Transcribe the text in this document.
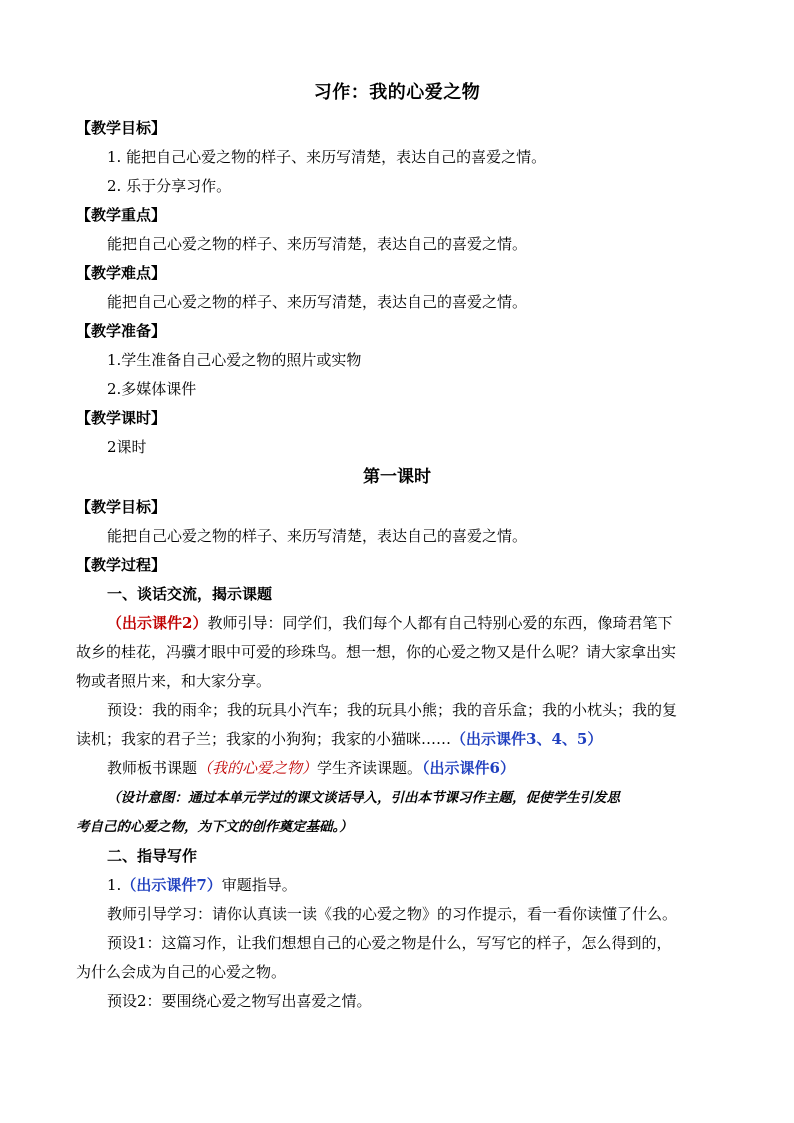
习作：我的心爱之物
【教学目标】
1. 能把自己心爱之物的样子、来历写清楚，表达自己的喜爱之情。
2. 乐于分享习作。
【教学重点】
能把自己心爱之物的样子、来历写清楚，表达自己的喜爱之情。
【教学难点】
能把自己心爱之物的样子、来历写清楚，表达自己的喜爱之情。
【教学准备】
1.学生准备自己心爱之物的照片或实物
2.多媒体课件
【教学课时】
2课时
第一课时
【教学目标】
能把自己心爱之物的样子、来历写清楚，表达自己的喜爱之情。
【教学过程】
一、谈话交流，揭示课题
（出示课件2）教师引导：同学们，我们每个人都有自己特别心爱的东西，像琦君笔下
故乡的桂花，冯骥才眼中可爱的珍珠鸟。想一想，你的心爱之物又是什么呢？请大家拿出实
物或者照片来，和大家分享。
预设：我的雨伞；我的玩具小汽车；我的玩具小熊；我的音乐盒；我的小枕头；我的复
读机；我家的君子兰；我家的小狗狗；我家的小猫咪……（出示课件3、4、5）
教师板书课题（我的心爱之物）学生齐读课题。（出示课件6）
（设计意图：通过本单元学过的课文谈话导入，引出本节课习作主题，促使学生引发思
考自己的心爱之物，为下文的创作奠定基础。）
二、指导写作
1.（出示课件7）审题指导。
教师引导学习：请你认真读一读《我的心爱之物》的习作提示，看一看你读懂了什么。
预设1：这篇习作，让我们想想自己的心爱之物是什么，写写它的样子，怎么得到的，
为什么会成为自己的心爱之物。
预设2：要围绕心爱之物写出喜爱之情。
